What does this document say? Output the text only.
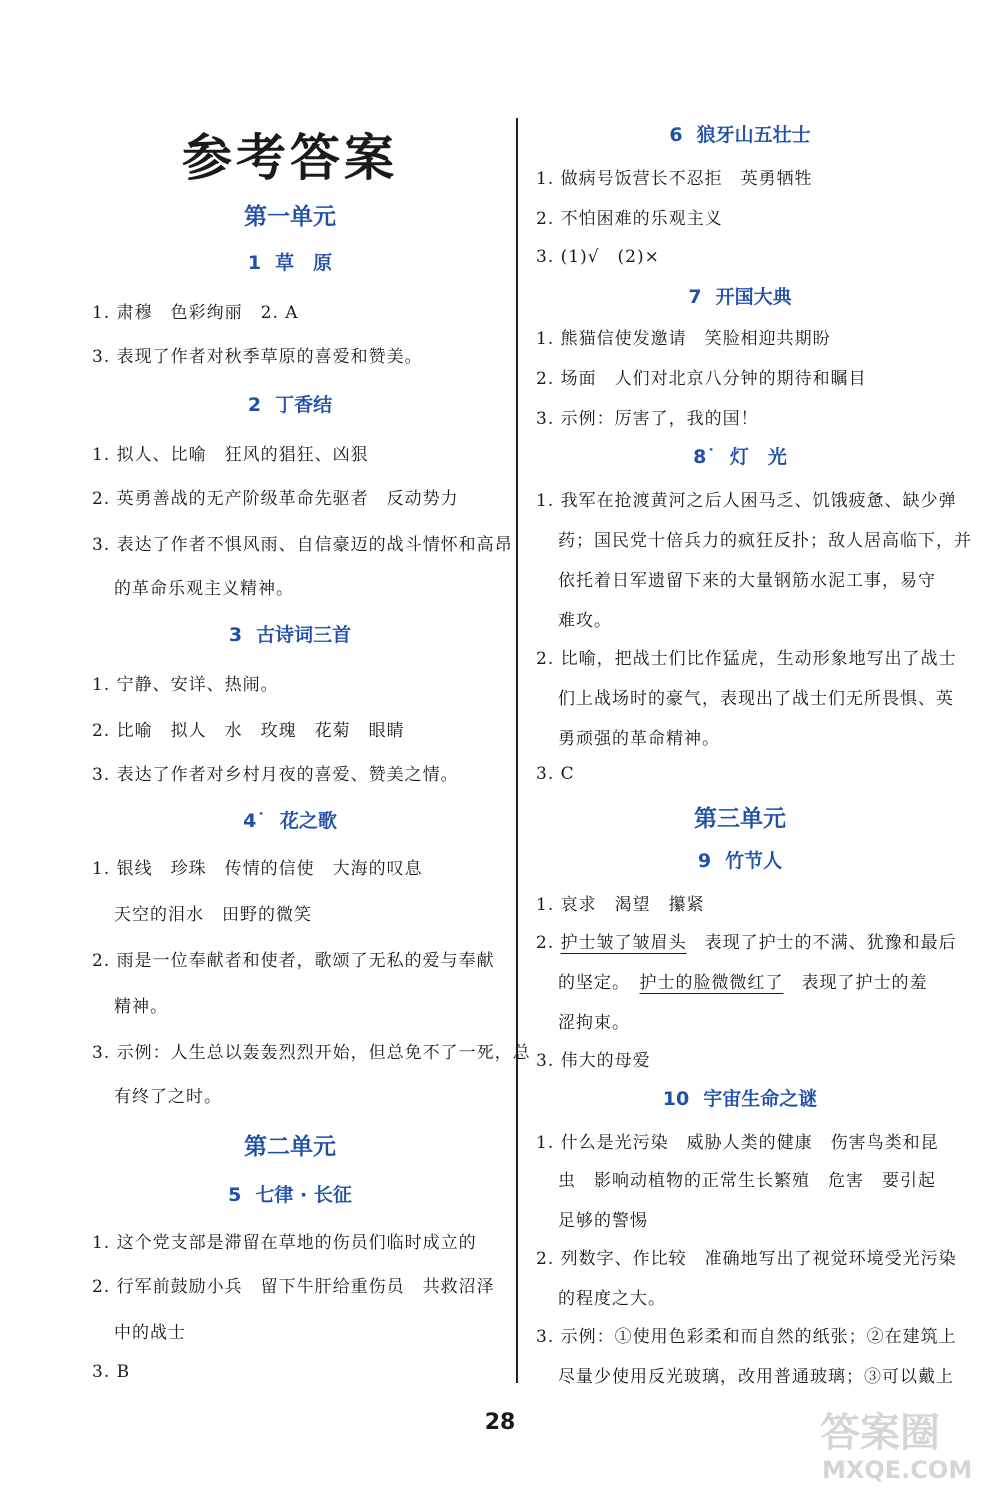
参考答案
第一单元
1 草　原
1. 肃穆　色彩绚丽　2. A
3. 表现了作者对秋季草原的喜爱和赞美。
2 丁香结
1. 拟人、比喻　狂风的猖狂、凶狠
2. 英勇善战的无产阶级革命先驱者　反动势力
3. 表达了作者不惧风雨、自信豪迈的战斗情怀和高昂
的革命乐观主义精神。
3 古诗词三首
1. 宁静、安详、热闹。
2. 比喻　拟人　水　玫瑰　花菊　眼睛
3. 表达了作者对乡村月夜的喜爱、赞美之情。
4˙ 花之歌
1. 银线　珍珠　传情的信使　大海的叹息
天空的泪水　田野的微笑
2. 雨是一位奉献者和使者，歌颂了无私的爱与奉献
精神。
3. 示例：人生总以轰轰烈烈开始，但总免不了一死，总
有终了之时。
第二单元
5 七律 · 长征
1. 这个党支部是滞留在草地的伤员们临时成立的
2. 行军前鼓励小兵　留下牛肝给重伤员　共救沼泽
中的战士
3. B
6 狼牙山五壮士
1. 做病号饭营长不忍拒　英勇牺牲
2. 不怕困难的乐观主义
3. (1)√　(2)×
7 开国大典
1. 熊猫信使发邀请　笑脸相迎共期盼
2. 场面　人们对北京八分钟的期待和瞩目
3. 示例：厉害了，我的国！
8˙ 灯　光
1. 我军在抢渡黄河之后人困马乏、饥饿疲惫、缺少弹
药；国民党十倍兵力的疯狂反扑；敌人居高临下，并
依托着日军遗留下来的大量钢筋水泥工事，易守
难攻。
2. 比喻，把战士们比作猛虎，生动形象地写出了战士
们上战场时的豪气，表现出了战士们无所畏惧、英
勇顽强的革命精神。
3. C
第三单元
9 竹节人
1. 哀求　渴望　攥紧
2. 护士皱了皱眉头　表现了护士的不满、犹豫和最后
的坚定。　护士的脸微微红了　表现了护士的羞
涩拘束。
3. 伟大的母爱
10 宇宙生命之谜
1. 什么是光污染　威胁人类的健康　伤害鸟类和昆
虫　影响动植物的正常生长繁殖　危害　要引起
足够的警惕
2. 列数字、作比较　准确地写出了视觉环境受光污染
的程度之大。
3. 示例：①使用色彩柔和而自然的纸张；②在建筑上
尽量少使用反光玻璃，改用普通玻璃；③可以戴上
28	答案圈
MXQE.COM
